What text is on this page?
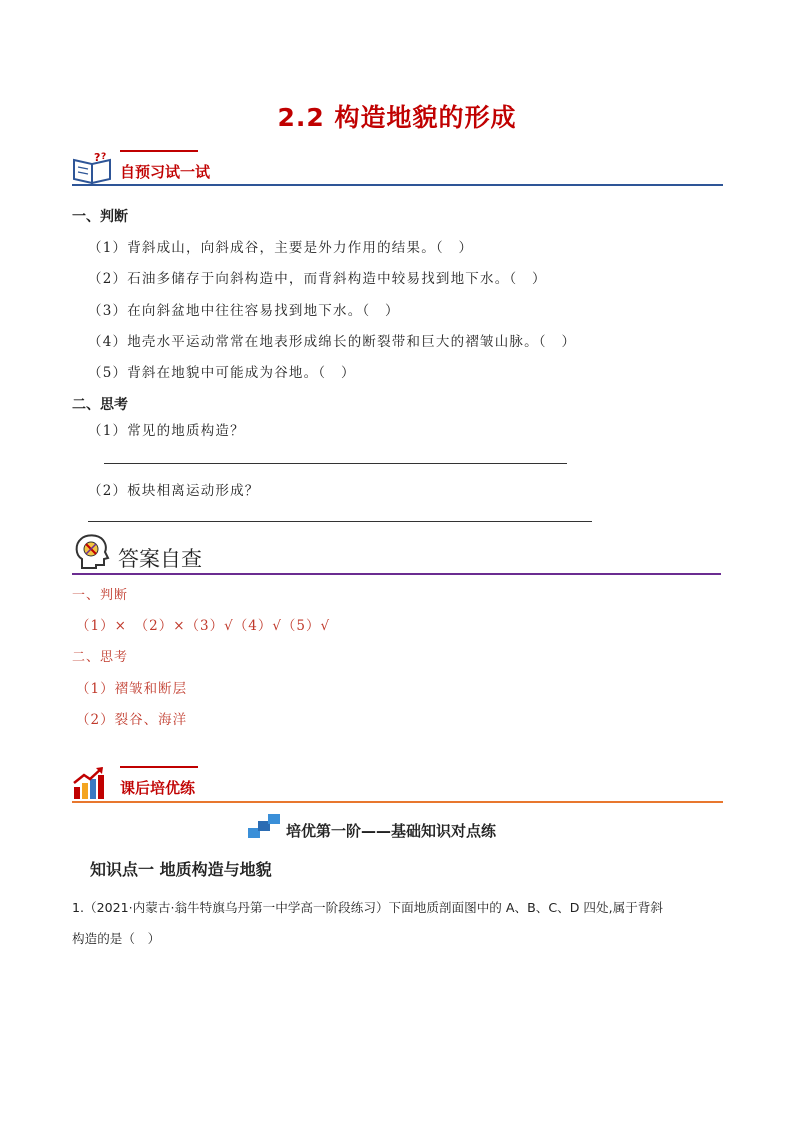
2.2 构造地貌的形成
? ?
自预习试一试
一、判断
（1）背斜成山，向斜成谷，主要是外力作用的结果。（　）
（2）石油多储存于向斜构造中，而背斜构造中较易找到地下水。（　）
（3）在向斜盆地中往往容易找到地下水。（　）
（4）地壳水平运动常常在地表形成绵长的断裂带和巨大的褶皱山脉。（　）
（5）背斜在地貌中可能成为谷地。（　）
二、思考
（1）常见的地质构造？
（2）板块相离运动形成？
答案自查
一、判断
（1）×　（2）×（3）√（4）√（5）√
二、思考
（1）褶皱和断层
（2）裂谷、海洋
课后培优练
培优第一阶——基础知识对点练
知识点一 地质构造与地貌
1.（2021·内蒙古·翁牛特旗乌丹第一中学高一阶段练习）下面地质剖面图中的 A、B、C、D 四处,属于背斜
构造的是（　）
